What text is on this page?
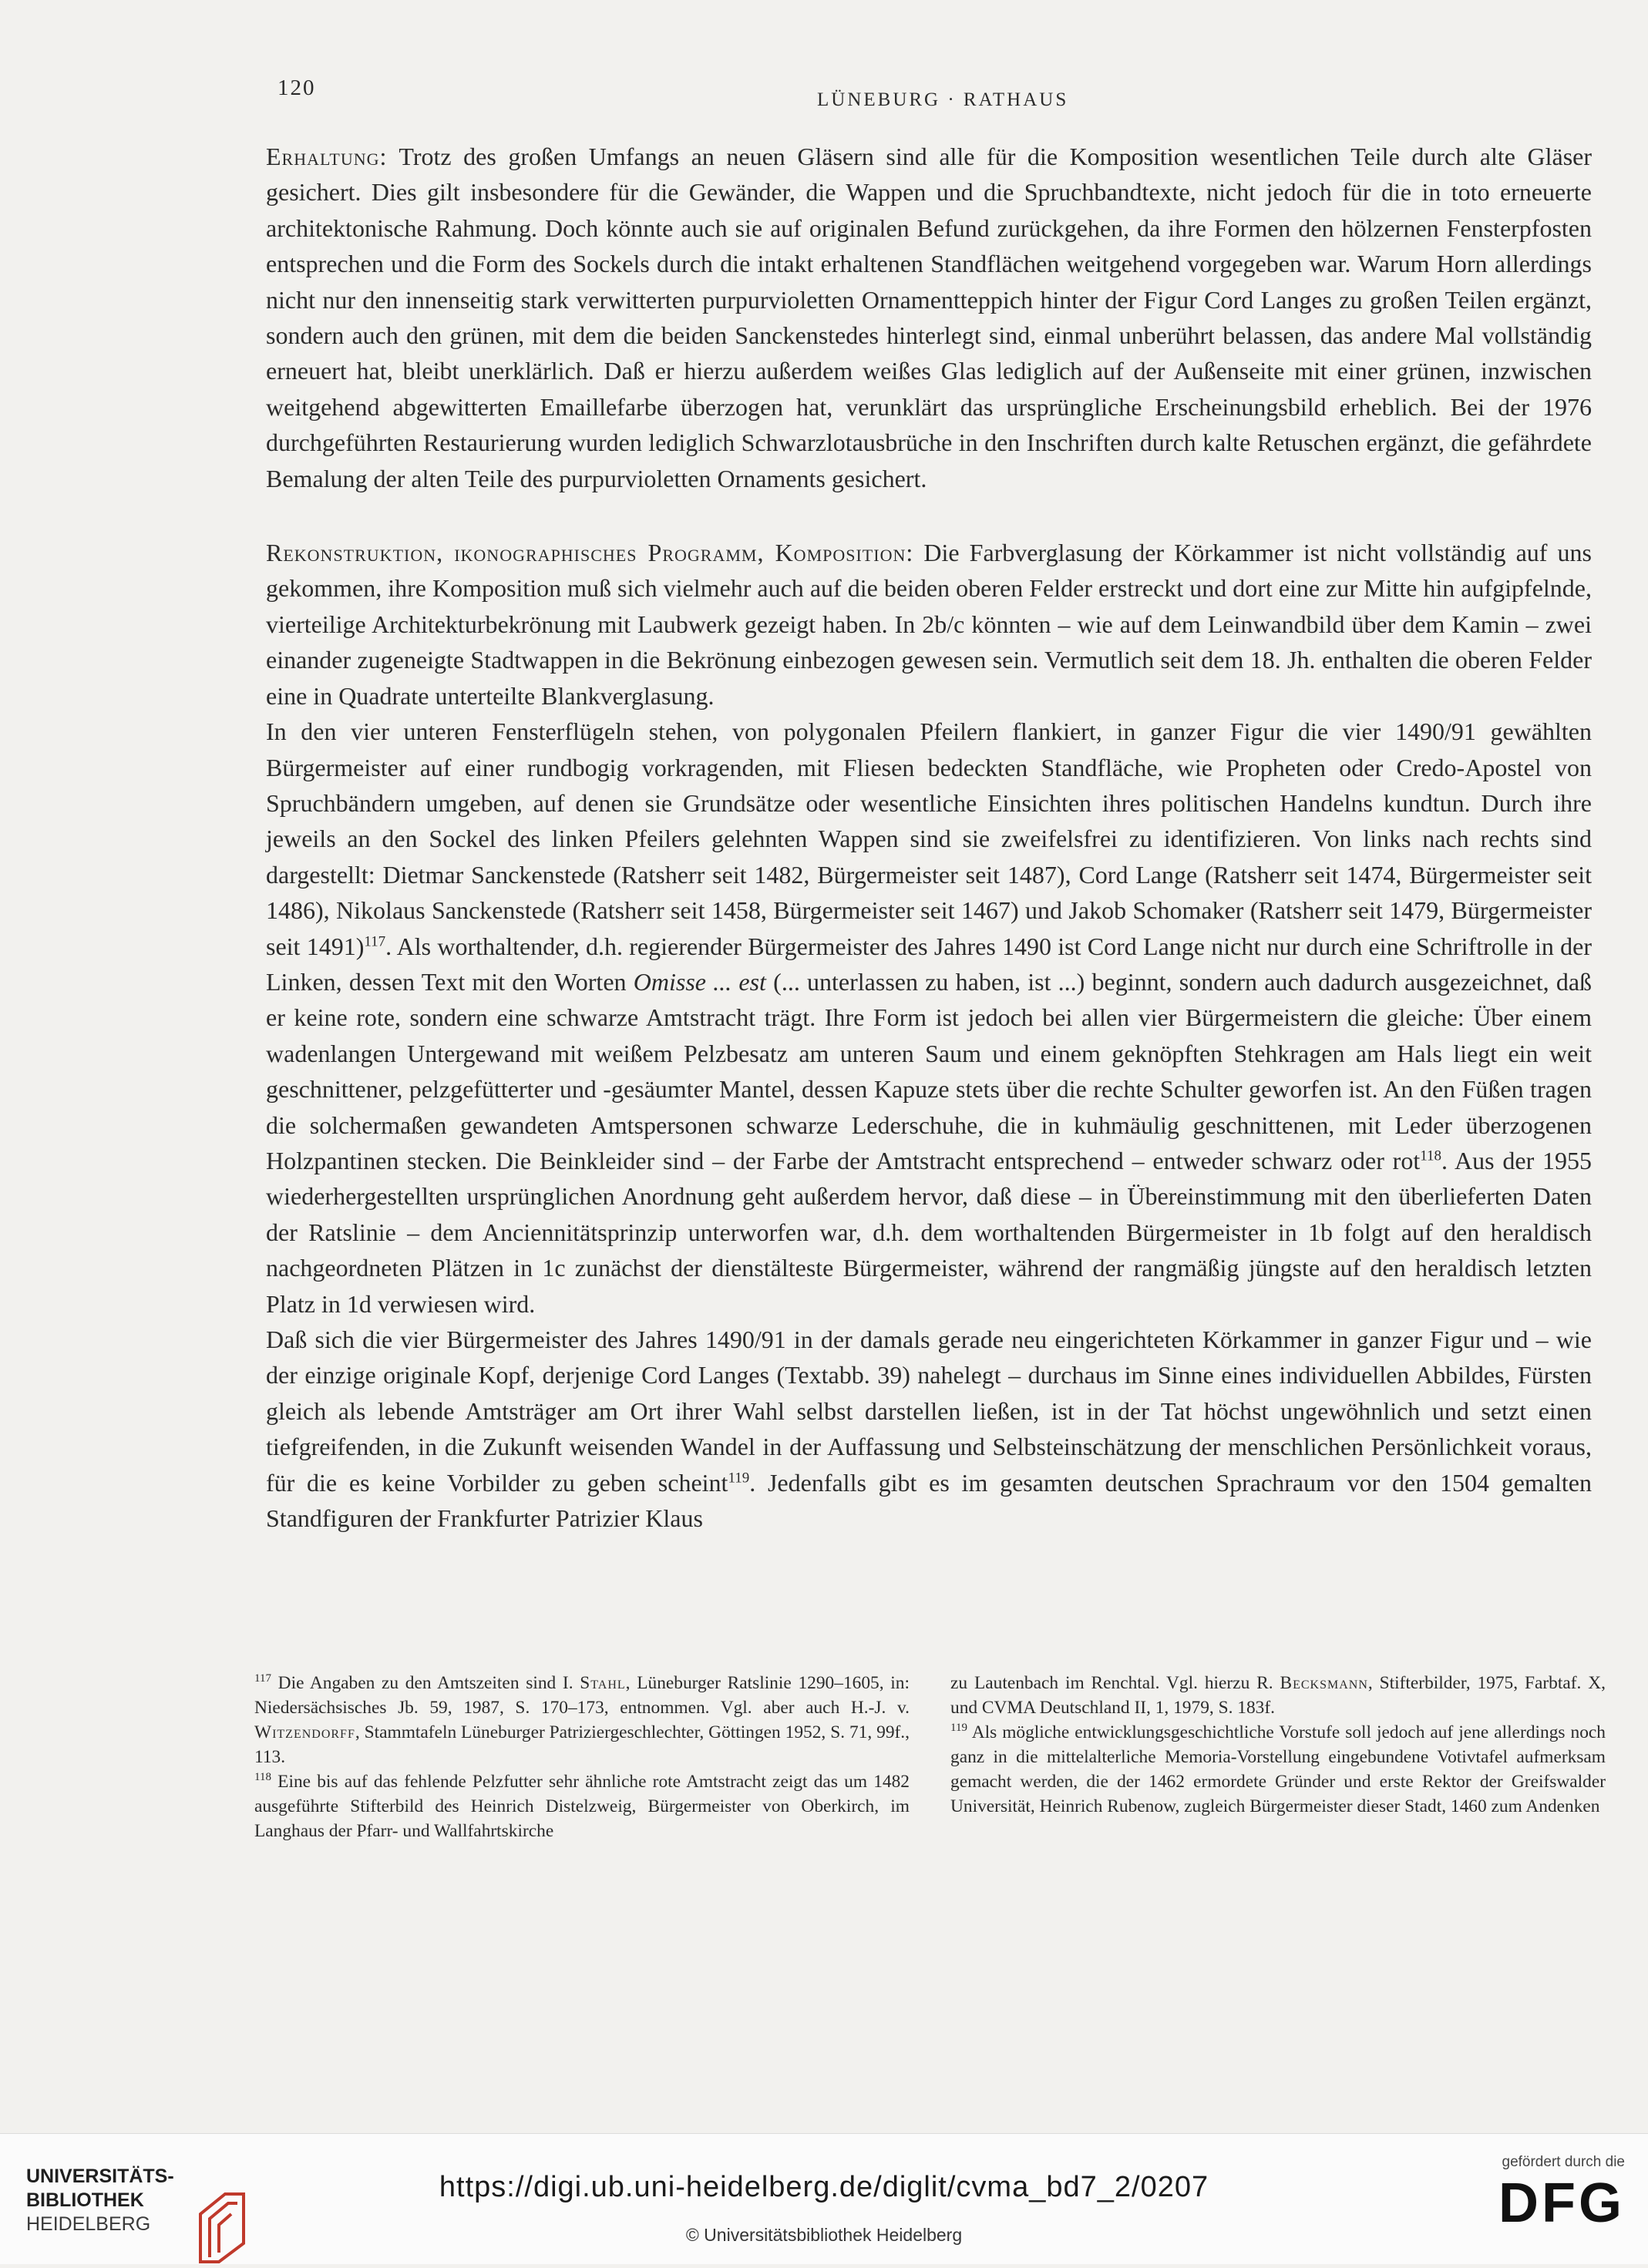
120	LÜNEBURG · RATHAUS

Erhaltung: Trotz des großen Umfangs an neuen Gläsern sind alle für die Komposition wesentlichen Teile durch alte Gläser gesichert. Dies gilt insbesondere für die Gewänder, die Wappen und die Spruchbandtexte, nicht jedoch für die in toto erneuerte architektonische Rahmung. Doch könnte auch sie auf originalen Befund zurückgehen, da ihre Formen den hölzernen Fensterpfosten entsprechen und die Form des Sockels durch die intakt erhaltenen Standflächen weitgehend vorgegeben war. Warum Horn allerdings nicht nur den innenseitig stark verwitterten purpurvioletten Ornamentteppich hinter der Figur Cord Langes zu großen Teilen ergänzt, sondern auch den grünen, mit dem die beiden Sanckenstedes hinterlegt sind, einmal unberührt belassen, das andere Mal vollständig erneuert hat, bleibt unerklärlich. Daß er hierzu außerdem weißes Glas lediglich auf der Außenseite mit einer grünen, inzwischen weitgehend abgewitterten Emaillefarbe überzogen hat, verunklärt das ursprüngliche Erscheinungsbild erheblich. Bei der 1976 durchgeführten Restaurierung wurden lediglich Schwarzlotausbrüche in den Inschriften durch kalte Retuschen ergänzt, die gefährdete Bemalung der alten Teile des purpurvioletten Ornaments gesichert.

Rekonstruktion, ikonographisches Programm, Komposition: Die Farbverglasung der Körkammer ist nicht vollständig auf uns gekommen, ihre Komposition muß sich vielmehr auch auf die beiden oberen Felder erstreckt und dort eine zur Mitte hin aufgipfelnde, vierteilige Architekturbekrönung mit Laubwerk gezeigt haben. In 2b/c könnten – wie auf dem Leinwandbild über dem Kamin – zwei einander zugeneigte Stadtwappen in die Bekrönung einbezogen gewesen sein. Vermutlich seit dem 18. Jh. enthalten die oberen Felder eine in Quadrate unterteilte Blankverglasung.

In den vier unteren Fensterflügeln stehen, von polygonalen Pfeilern flankiert, in ganzer Figur die vier 1490/91 gewählten Bürgermeister auf einer rundbogig vorkragenden, mit Fliesen bedeckten Standfläche, wie Propheten oder Credo-Apostel von Spruchbändern umgeben, auf denen sie Grundsätze oder wesentliche Einsichten ihres politischen Handelns kundtun. Durch ihre jeweils an den Sockel des linken Pfeilers gelehnten Wappen sind sie zweifelsfrei zu identifizieren. Von links nach rechts sind dargestellt: Dietmar Sanckenstede (Ratsherr seit 1482, Bürgermeister seit 1487), Cord Lange (Ratsherr seit 1474, Bürgermeister seit 1486), Nikolaus Sanckenstede (Ratsherr seit 1458, Bürgermeister seit 1467) und Jakob Schomaker (Ratsherr seit 1479, Bürgermeister seit 1491)$^{117}$. Als worthaltender, d.h. regierender Bürgermeister des Jahres 1490 ist Cord Lange nicht nur durch eine Schriftrolle in der Linken, dessen Text mit den Worten Omisse ... est (... unterlassen zu haben, ist ...) beginnt, sondern auch dadurch ausgezeichnet, daß er keine rote, sondern eine schwarze Amtstracht trägt. Ihre Form ist jedoch bei allen vier Bürgermeistern die gleiche: Über einem wadenlangen Untergewand mit weißem Pelzbesatz am unteren Saum und einem geknöpften Stehkragen am Hals liegt ein weit geschnittener, pelzgefütterter und -gesäumter Mantel, dessen Kapuze stets über die rechte Schulter geworfen ist. An den Füßen tragen die solchermaßen gewandeten Amtspersonen schwarze Lederschuhe, die in kuhmäulig geschnittenen, mit Leder überzogenen Holzpantinen stecken. Die Beinkleider sind – der Farbe der Amtstracht entsprechend – entweder schwarz oder rot$^{118}$. Aus der 1955 wiederhergestellten ursprünglichen Anordnung geht außerdem hervor, daß diese – in Übereinstimmung mit den überlieferten Daten der Ratslinie – dem Anciennitätsprinzip unterworfen war, d.h. dem worthaltenden Bürgermeister in 1b folgt auf den heraldisch nachgeordneten Plätzen in 1c zunächst der dienstälteste Bürgermeister, während der rangmäßig jüngste auf den heraldisch letzten Platz in 1d verwiesen wird.

Daß sich die vier Bürgermeister des Jahres 1490/91 in der damals gerade neu eingerichteten Körkammer in ganzer Figur und – wie der einzige originale Kopf, derjenige Cord Langes (Textabb. 39) nahelegt – durchaus im Sinne eines individuellen Abbildes, Fürsten gleich als lebende Amtsträger am Ort ihrer Wahl selbst darstellen ließen, ist in der Tat höchst ungewöhnlich und setzt einen tiefgreifenden, in die Zukunft weisenden Wandel in der Auffassung und Selbsteinschätzung der menschlichen Persönlichkeit voraus, für die es keine Vorbilder zu geben scheint$^{119}$. Jedenfalls gibt es im gesamten deutschen Sprachraum vor den 1504 gemalten Standfiguren der Frankfurter Patrizier Klaus

$^{117}$ Die Angaben zu den Amtszeiten sind I. Stahl, Lüneburger Ratslinie 1290–1605, in: Niedersächsisches Jb. 59, 1987, S. 170–173, entnommen. Vgl. aber auch H.-J. v. Witzendorff, Stammtafeln Lüneburger Patriziergeschlechter, Göttingen 1952, S. 71, 99f., 113.

$^{118}$ Eine bis auf das fehlende Pelzfutter sehr ähnliche rote Amtstracht zeigt das um 1482 ausgeführte Stifterbild des Heinrich Distelzweig, Bürgermeister von Oberkirch, im Langhaus der Pfarr- und Wallfahrtskirche

zu Lautenbach im Renchtal. Vgl. hierzu R. Becksmann, Stifterbilder, 1975, Farbtaf. X, und CVMA Deutschland II, 1, 1979, S. 183f.

$^{119}$ Als mögliche entwicklungsgeschichtliche Vorstufe soll jedoch auf jene allerdings noch ganz in die mittelalterliche Memoria-Vorstellung eingebundene Votivtafel aufmerksam gemacht werden, die der 1462 ermordete Gründer und erste Rektor der Greifswalder Universität, Heinrich Rubenow, zugleich Bürgermeister dieser Stadt, 1460 zum Andenken

UNIVERSITÄTS-
BIBLIOTHEK
HEIDELBERG
https://digi.ub.uni-heidelberg.de/diglit/cvma_bd7_2/0207
© Universitätsbibliothek Heidelberg
gefördert durch die
DFG
